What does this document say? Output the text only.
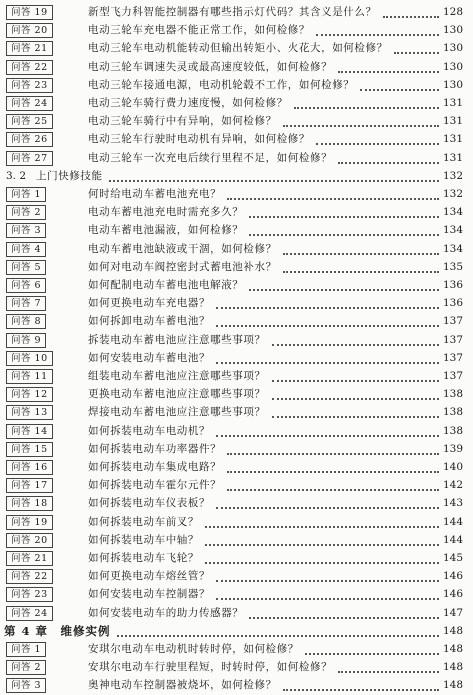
问答 19	新型飞力科智能控制器有哪些指示灯代码？其含义是什么？	128
问答 20	电动三轮车充电器不能正常工作，如何检修？	130
问答 21	电动三轮车电动机能转动但输出转矩小、火花大，如何检修？	130
问答 22	电动三轮车调速失灵或最高速度较低，如何检修？	130
问答 23	电动三轮车接通电源，电动机轮毂不工作，如何检修？	130
问答 24	电动三轮车骑行费力速度慢，如何检修？	131
问答 25	电动三轮车骑行中有异响，如何检修？	131
问答 26	电动三轮车行驶时电动机有异响，如何检修？	131
问答 27	电动三轮车一次充电后续行里程不足，如何检修？	131
3. 2 上门快修技能	132
问答 1	何时给电动车蓄电池充电？	132
问答 2	电动车蓄电池充电时需充多久？	134
问答 3	电动车蓄电池漏液，如何检修？	134
问答 4	电动车蓄电池缺液或干涸，如何检修？	134
问答 5	如何对电动车阀控密封式蓄电池补水？	135
问答 6	如何配制电动车蓄电池电解液？	136
问答 7	如何更换电动车充电器？	136
问答 8	如何拆卸电动车蓄电池？	137
问答 9	拆装电动车蓄电池应注意哪些事项？	137
问答 10	如何安装电动车蓄电池？	137
问答 11	组装电动车蓄电池应注意哪些事项？	137
问答 12	更换电动车蓄电池应注意哪些事项？	138
问答 13	焊接电动车蓄电池应注意哪些事项？	138
问答 14	如何拆装电动车电动机？	138
问答 15	如何拆装电动车功率器件？	139
问答 16	如何拆装电动车集成电路？	140
问答 17	如何拆装电动车霍尔元件？	142
问答 18	如何拆装电动车仪表板？	143
问答 19	如何拆装电动车前叉？	144
问答 20	如何拆装电动车中轴？	144
问答 21	如何拆装电动车飞轮？	145
问答 22	如何更换电动车熔丝管？	146
问答 23	如何安装电动车控制器？	146
问答 24	如何安装电动车的助力传感器？	147
第 4 章　维修实例	148
问答 1	安琪尔电动车电动机时转时停，如何检修？	148
问答 2	安琪尔电动车行驶里程短，时转时停，如何检修？	148
问答 3	奥神电动车控制器被烧坏，如何检修？	148
